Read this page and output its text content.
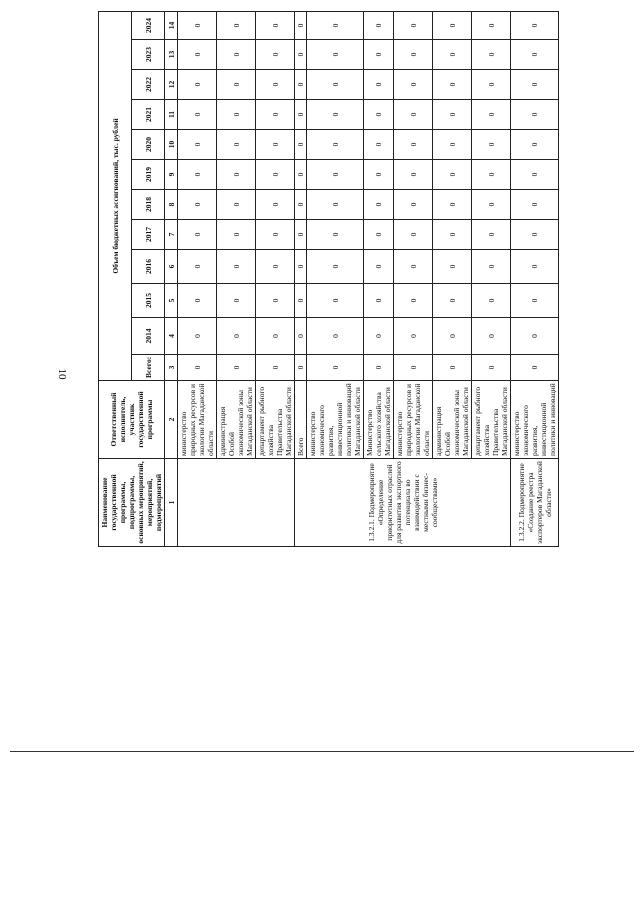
10
Наименование государственной программы, подпрограммы, основных мероприятий, мероприятий, подмероприятий	Ответственный исполнитель, участник государственной программы	Объем бюджетных ассигнований, тыс. рублей											
		Всего:	2014	2015	2016	2017	2018	2019	2020	2021	2022	2023	2024
1	2	3	4	5	6	7	8	9	10	11	12	13	14
	министерство природных ресурсов и экологии Магаданской области	0	0	0	0	0	0	0	0	0	0	0	0
	администрация Особой экономической зоны Магаданской области	0	0	0	0	0	0	0	0	0	0	0	0
	департамент рыбного хозяйства Правительства Магаданской области	0	0	0	0	0	0	0	0	0	0	0	0
1.3.2.1. Подмероприятие «Определение приоритетных отраслей для развития экспортного потенциала во взаимодействии с местными бизнес-сообществами»	Всего	0	0	0	0	0	0	0	0	0	0	0	0
	министерство экономического развития, инвестиционной политики и инноваций Магаданской области	0	0	0	0	0	0	0	0	0	0	0	0
	Министерство сельского хозяйства Магаданской области	0	0	0	0	0	0	0	0	0	0	0	0
	министерство природных ресурсов и экологии Магаданской области	0	0	0	0	0	0	0	0	0	0	0	0
	администрация Особой экономической зоны Магаданской области	0	0	0	0	0	0	0	0	0	0	0	0
	департамент рыбного хозяйства Правительства Магаданской области	0	0	0	0	0	0	0	0	0	0	0	0
1.3.2.2. Подмероприятие «Создание реестра экспортеров Магаданской области»	министерство экономического развития, инвестиционной политики и инноваций	0	0	0	0	0	0	0	0	0	0	0	0
